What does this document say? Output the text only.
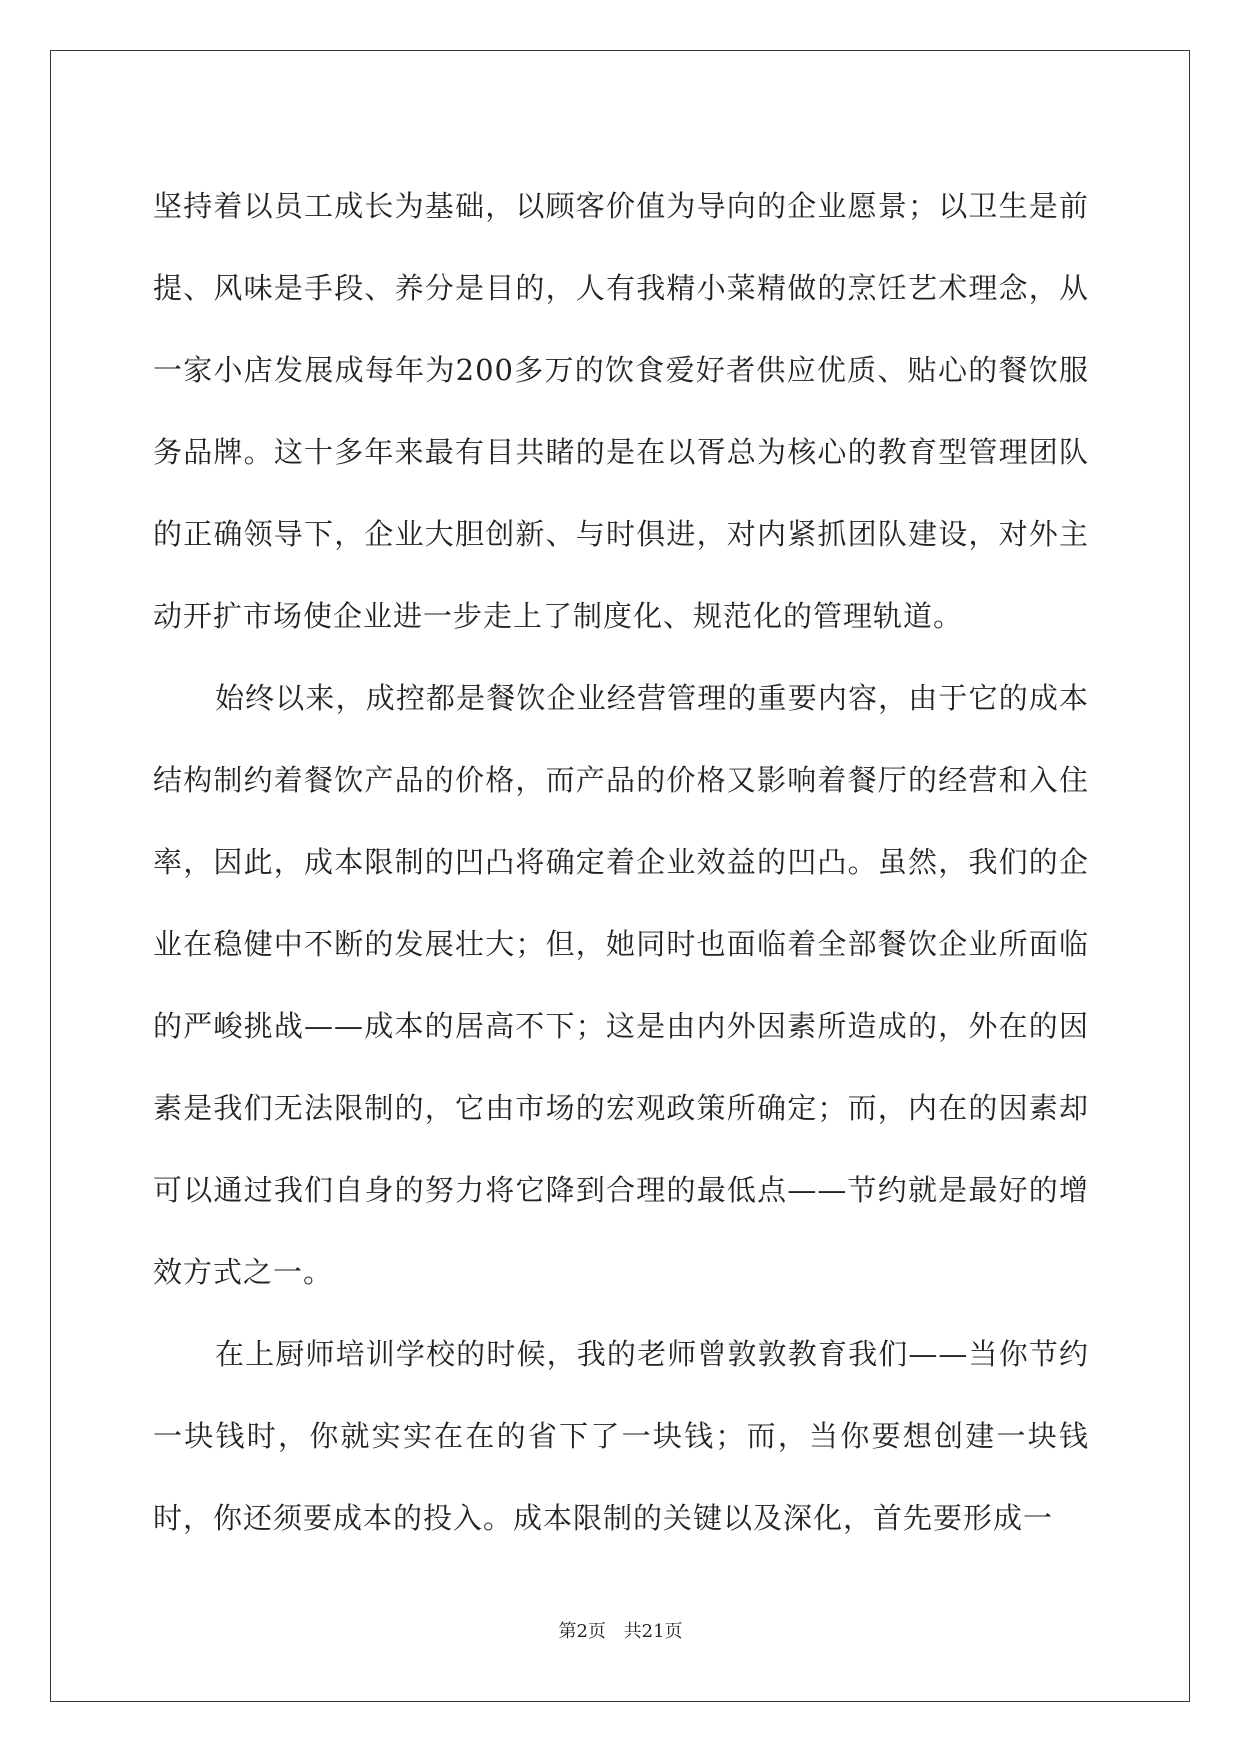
坚持着以员工成长为基础，以顾客价值为导向的企业愿景；以卫生是前提、风味是手段、养分是目的，人有我精小菜精做的烹饪艺术理念，从一家小店发展成每年为200多万的饮食爱好者供应优质、贴心的餐饮服务品牌。这十多年来最有目共睹的是在以胥总为核心的教育型管理团队的正确领导下，企业大胆创新、与时俱进，对内紧抓团队建设，对外主动开扩市场使企业进一步走上了制度化、规范化的管理轨道。

始终以来，成控都是餐饮企业经营管理的重要内容，由于它的成本结构制约着餐饮产品的价格，而产品的价格又影响着餐厅的经营和入住率，因此，成本限制的凹凸将确定着企业效益的凹凸。虽然，我们的企业在稳健中不断的发展壮大；但，她同时也面临着全部餐饮企业所面临的严峻挑战——成本的居高不下；这是由内外因素所造成的，外在的因素是我们无法限制的，它由市场的宏观政策所确定；而，内在的因素却可以通过我们自身的努力将它降到合理的最低点——节约就是最好的增效方式之一。

在上厨师培训学校的时候，我的老师曾敦敦教育我们——当你节约一块钱时，你就实实在在的省下了一块钱；而，当你要想创建一块钱时，你还须要成本的投入。成本限制的关键以及深化，首先要形成一

第2页 共21页
